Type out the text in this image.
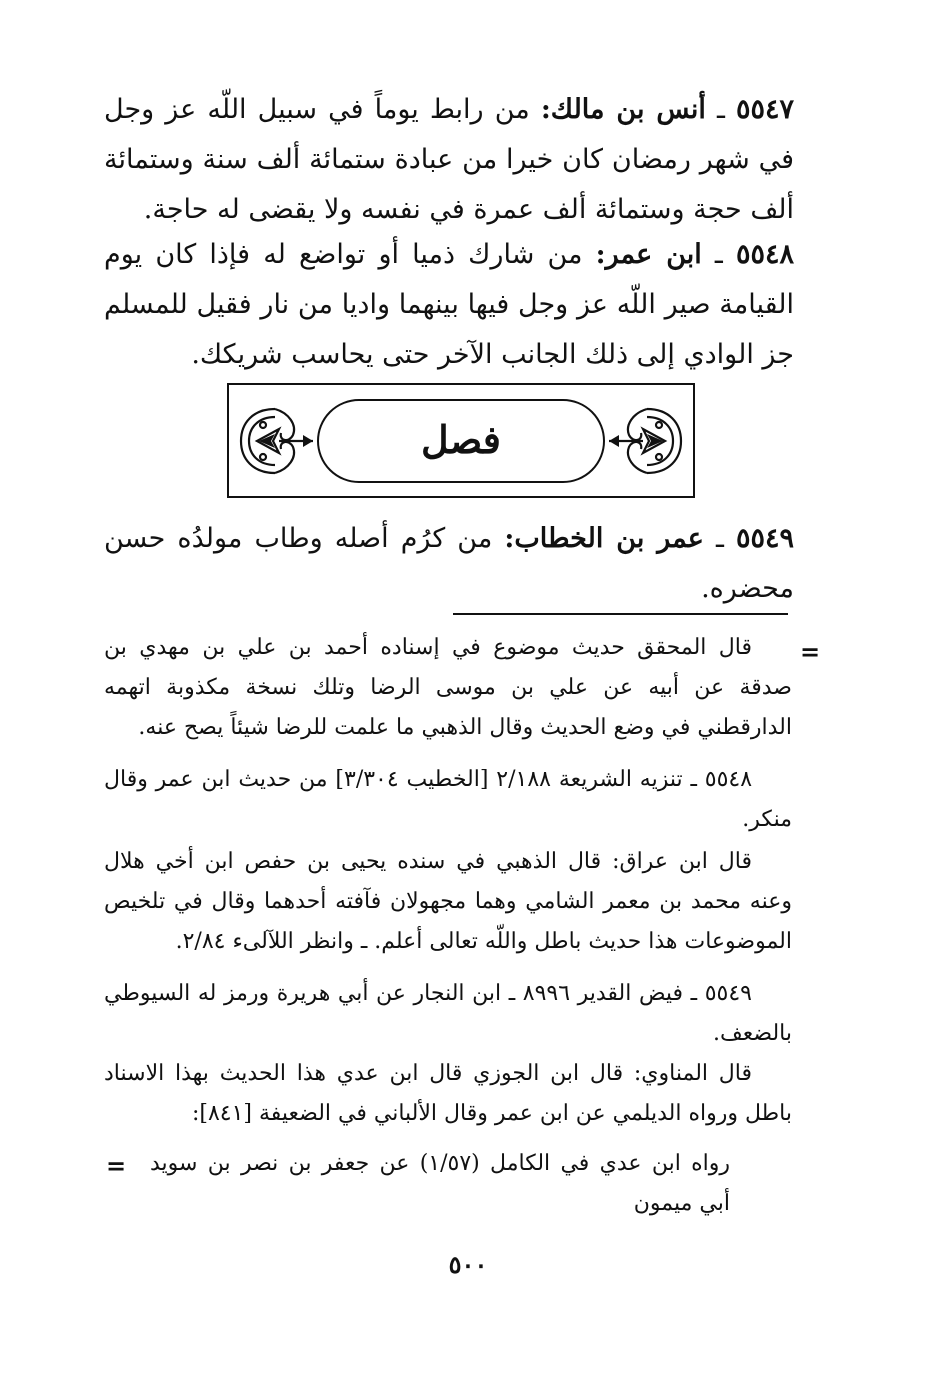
٥٥٤٧ ـ أنس بن مالك: من رابط يوماً في سبيل اللّه عز وجل في شهر رمضان كان خيرا من عبادة ستمائة ألف سنة وستمائة ألف حجة وستمائة ألف عمرة في نفسه ولا يقضى له حاجة.
٥٥٤٨ ـ ابن عمر: من شارك ذميا أو تواضع له فإذا كان يوم القيامة صير اللّه عز وجل فيها بينهما واديا من نار فقيل للمسلم جز الوادي إلى ذلك الجانب الآخر حتى يحاسب شريكك.
فصل
٥٥٤٩ ـ عمر بن الخطاب: من كرُم أصله وطاب مولدُه حسن محضره.
=
قال المحقق حديث موضوع في إسناده أحمد بن علي بن مهدي بن صدقة عن أبيه عن علي بن موسى الرضا وتلك نسخة مكذوبة اتهمه الدارقطني في وضع الحديث وقال الذهبي ما علمت للرضا شيئاً يصح عنه.
٥٥٤٨ ـ تنزيه الشريعة ٢/١٨٨ [الخطيب ٣/٣٠٤] من حديث ابن عمر وقال منكر.
قال ابن عراق: قال الذهبي في سنده يحيى بن حفص ابن أخي هلال وعنه محمد بن معمر الشامي وهما مجهولان فآفته أحدهما وقال في تلخيص الموضوعات هذا حديث باطل واللّه تعالى أعلم. ـ وانظر اللآلىء ٢/٨٤.
٥٥٤٩ ـ فيض القدير ٨٩٩٦ ـ ابن النجار عن أبي هريرة ورمز له السيوطي بالضعف.
قال المناوي: قال ابن الجوزي قال ابن عدي هذا الحديث بهذا الاسناد باطل ورواه الديلمي عن ابن عمر وقال الألباني في الضعيفة [٨٤١]:
رواه ابن عدي في الكامل (١/٥٧) عن جعفر بن نصر بن سويد أبي ميمون
=
٥٠٠
